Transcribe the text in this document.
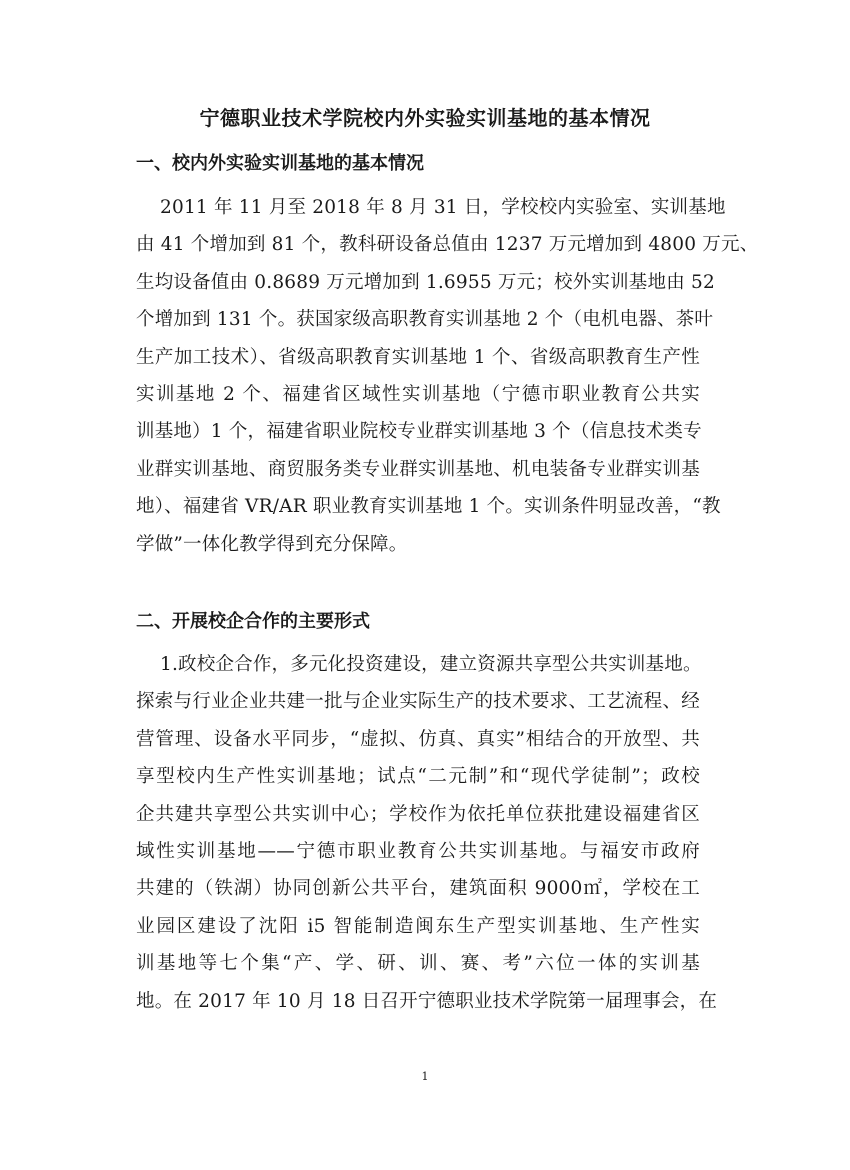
宁德职业技术学院校内外实验实训基地的基本情况
一、校内外实验实训基地的基本情况
2011 年 11 月至 2018 年 8 月 31 日，学校校内实验室、实训基地
由 41 个增加到 81 个，教科研设备总值由 1237 万元增加到 4800 万元、
生均设备值由 0.8689 万元增加到 1.6955 万元；校外实训基地由 52
个增加到 131 个。获国家级高职教育实训基地 2 个（电机电器、茶叶
生产加工技术）、省级高职教育实训基地 1 个、省级高职教育生产性
实训基地 2 个、福建省区域性实训基地（宁德市职业教育公共实
训基地）1 个，福建省职业院校专业群实训基地 3 个（信息技术类专
业群实训基地、商贸服务类专业群实训基地、机电装备专业群实训基
地）、福建省 VR/AR 职业教育实训基地 1 个。实训条件明显改善，“教
学做”一体化教学得到充分保障。
二、开展校企合作的主要形式
1.政校企合作，多元化投资建设，建立资源共享型公共实训基地。
探索与行业企业共建一批与企业实际生产的技术要求、工艺流程、经
营管理、设备水平同步，“虚拟、仿真、真实”相结合的开放型、共
享型校内生产性实训基地；试点“二元制”和“现代学徒制”；政校
企共建共享型公共实训中心；学校作为依托单位获批建设福建省区
域性实训基地——宁德市职业教育公共实训基地。与福安市政府
共建的（铁湖）协同创新公共平台，建筑面积 9000㎡，学校在工
业园区建设了沈阳 i5 智能制造闽东生产型实训基地、生产性实
训基地等七个集“产、学、研、训、赛、考”六位一体的实训基
地。在 2017 年 10 月 18 日召开宁德职业技术学院第一届理事会，在
1
